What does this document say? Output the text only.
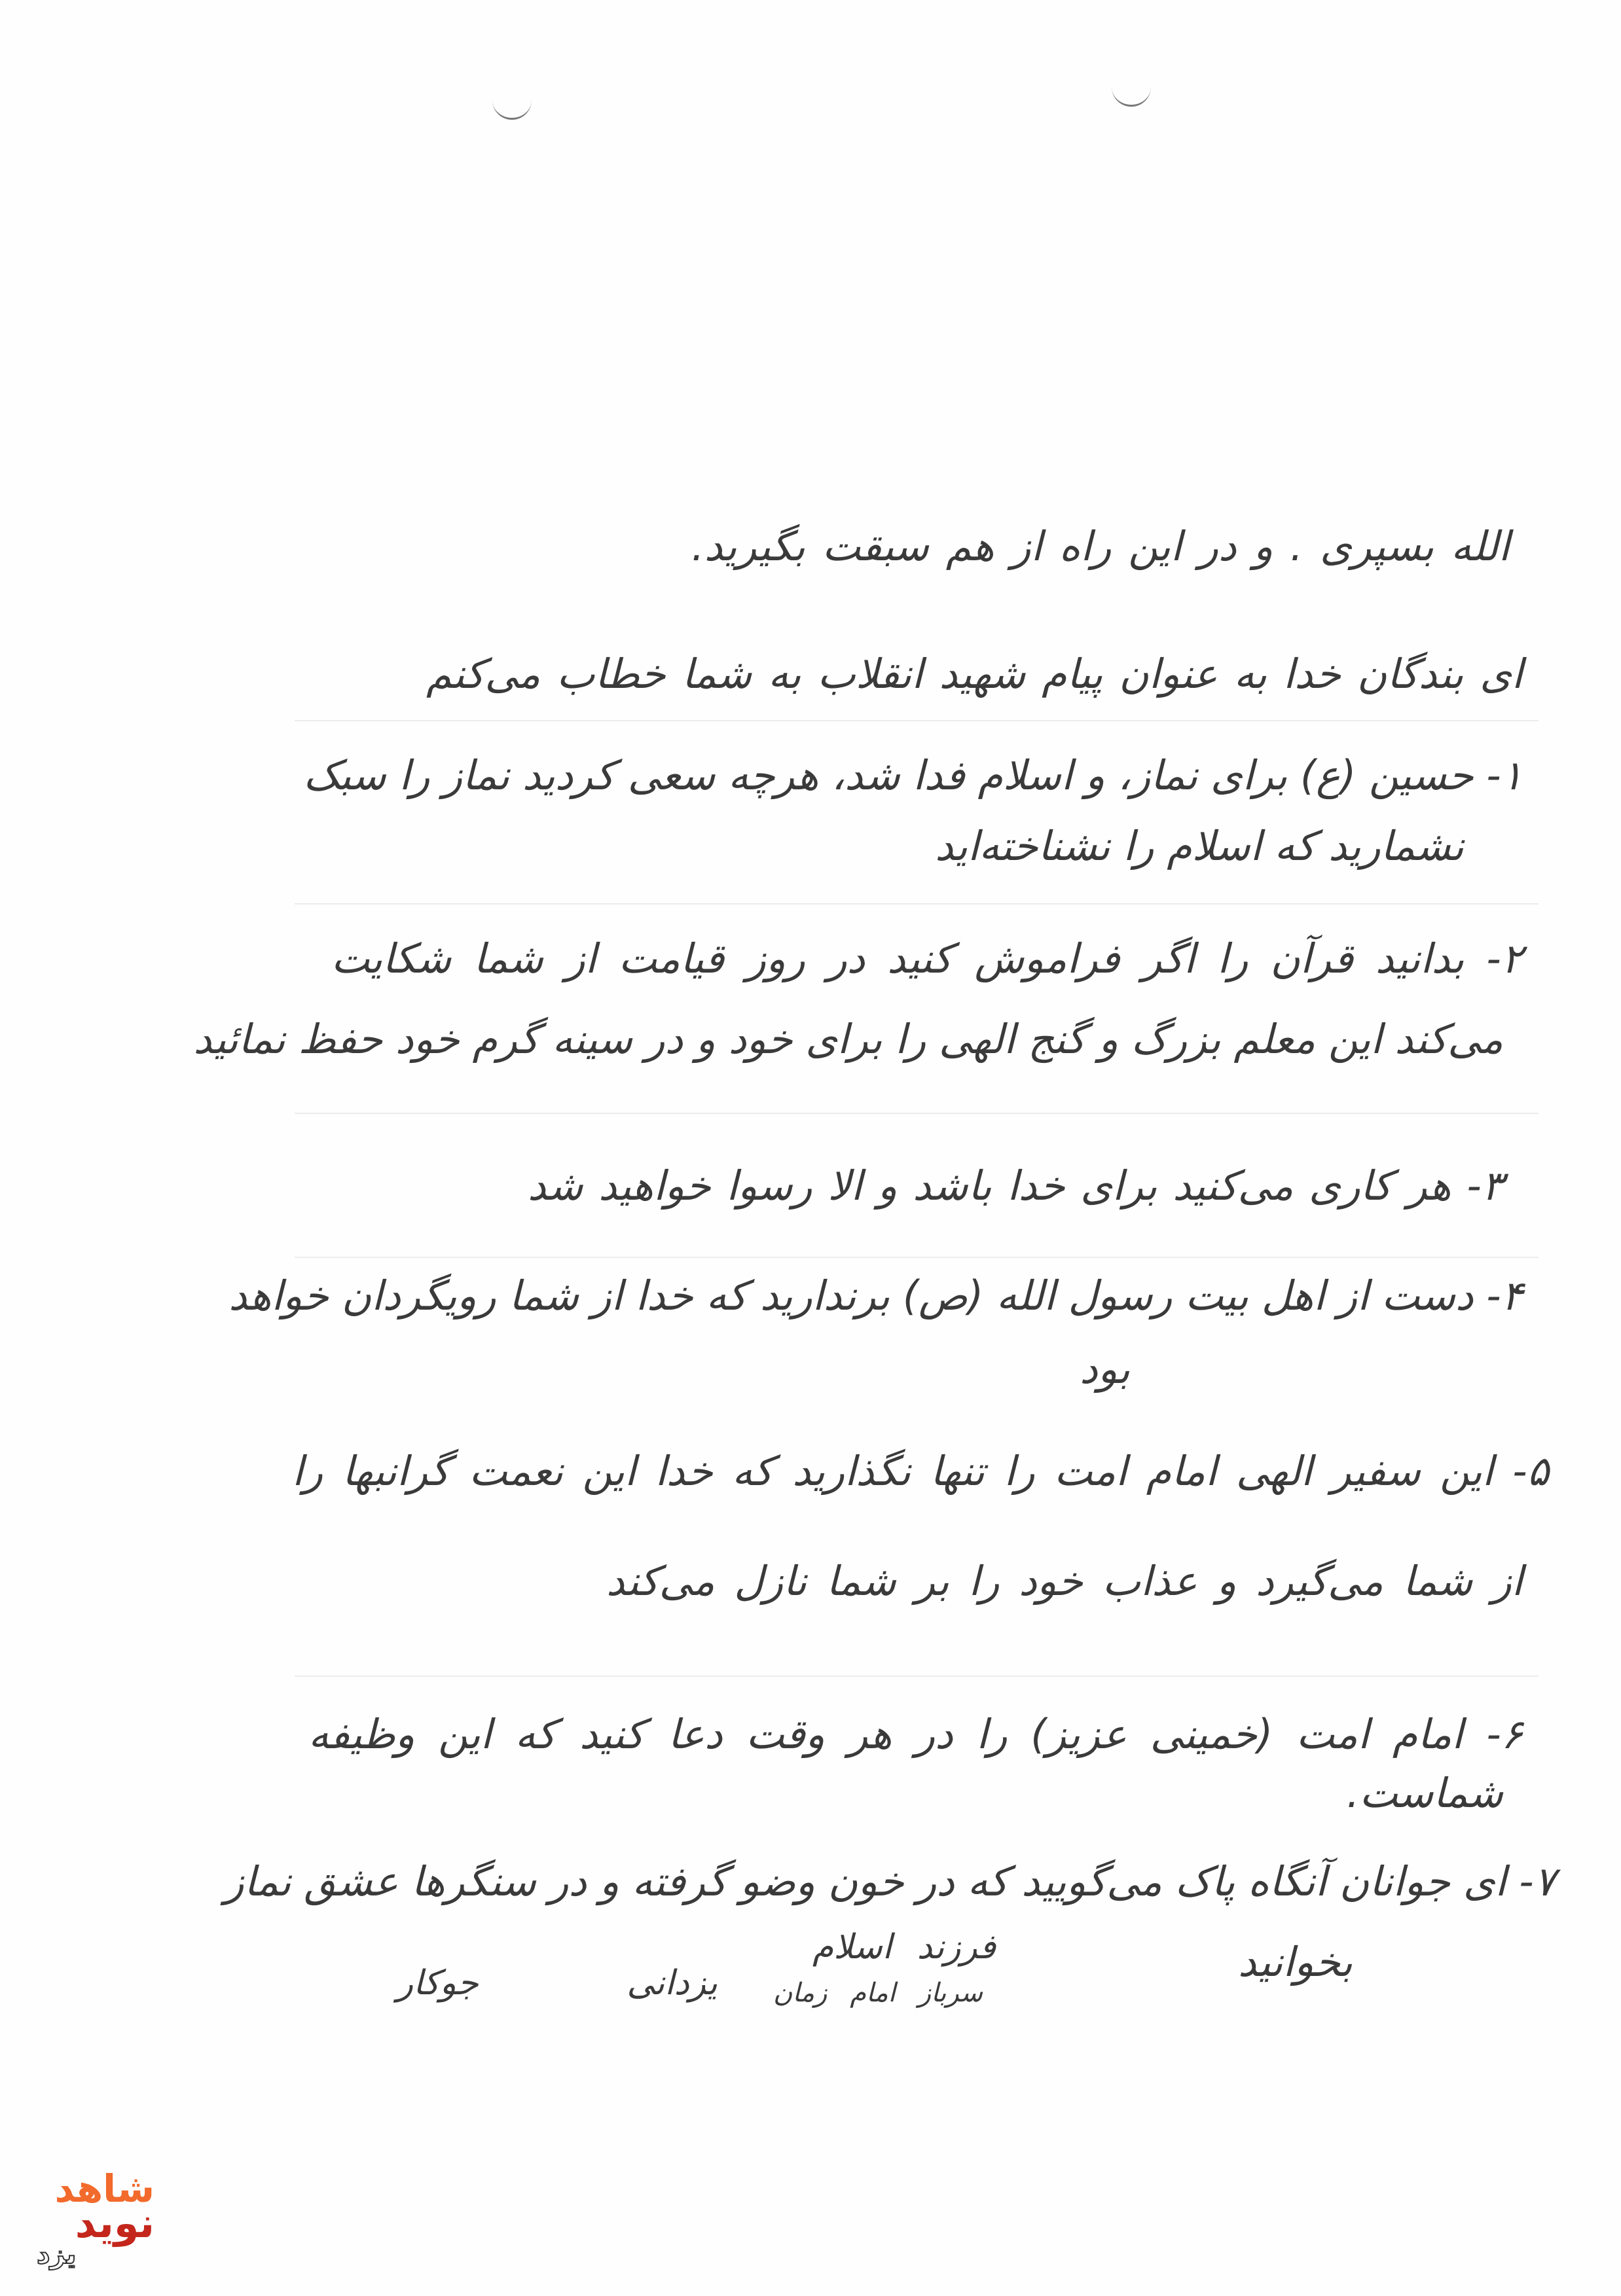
الله بسپری . و در این راه از هم سبقت بگیرید.
ای بندگان خدا به عنوان پیام شهید انقلاب به شما خطاب می‌کنم
۱- حسین (ع) برای نماز، و اسلام فدا شد، هرچه سعی کردید نماز را سبک
نشمارید که اسلام را نشناخته‌اید
۲- بدانید قرآن را اگر فراموش کنید در روز قیامت از شما شکایت
می‌کند این معلم بزرگ و گنج الهی را برای خود و در سینه گرم خود حفظ نمائید
۳- هر کاری می‌کنید برای خدا باشد و الا رسوا خواهید شد
۴- دست از اهل بیت رسول الله (ص) برندارید که خدا از شما رویگردان خواهد
بود
۵- این سفیر الهی امام امت را تنها نگذارید که خدا این نعمت گرانبها را
از شما می‌گیرد و عذاب خود را بر شما نازل می‌کند
۶- امام امت (خمینی عزیز) را در هر وقت دعا کنید که این وظیفه
شماست.
۷- ای جوانان آنگاه پاک می‌گویید که در خون وضو گرفته و در سنگرها عشق نماز
بخوانید
فرزند اسلام
سرباز امام زمان
یزدانی جوکار
شاهد
نوید
یزد
